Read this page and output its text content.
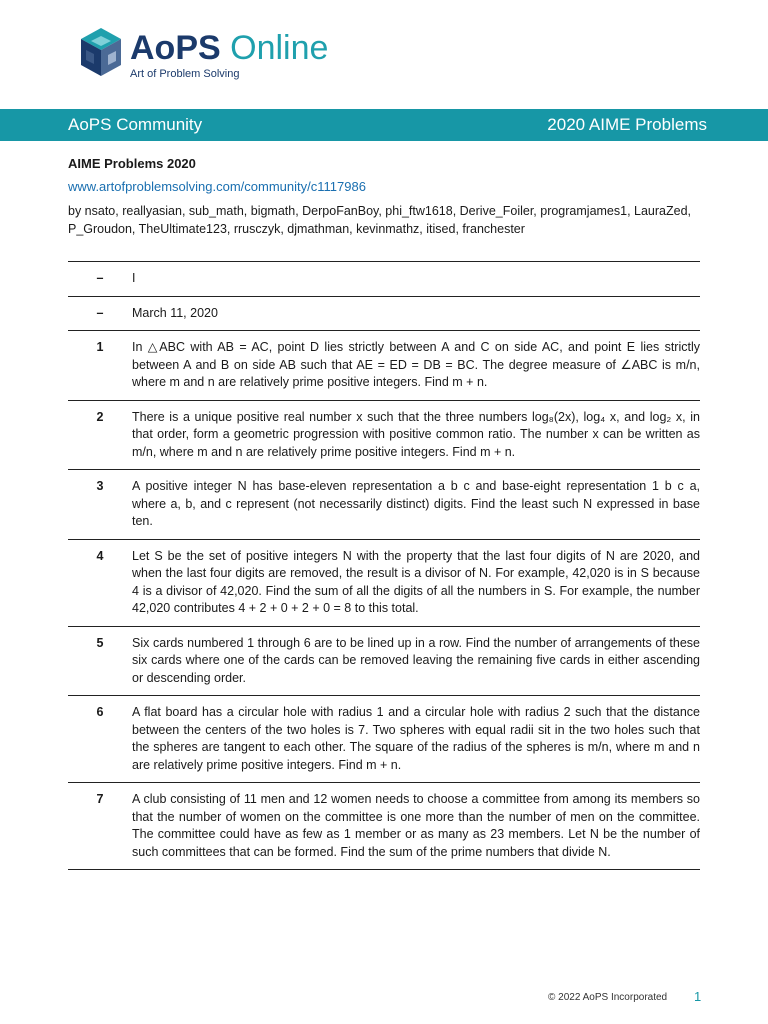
AoPS Online
Art of Problem Solving
AoPS Community	2020 AIME Problems
AIME Problems 2020
www.artofproblemsolving.com/community/c1117986
by nsato, reallyasian, sub_math, bigmath, DerpoFanBoy, phi_ftw1618, Derive_Foiler, programjames1, LauraZed, P_Groudon, TheUltimate123, rrusczyk, djmathman, kevinmathz, itised, franchester
–	I
–	March 11, 2020
1	In △ABC with AB = AC, point D lies strictly between A and C on side AC, and point E lies strictly between A and B on side AB such that AE = ED = DB = BC. The degree measure of ∠ABC is m/n, where m and n are relatively prime positive integers. Find m + n.
2	There is a unique positive real number x such that the three numbers log₈(2x), log₄ x, and log₂ x, in that order, form a geometric progression with positive common ratio. The number x can be written as m/n, where m and n are relatively prime positive integers. Find m + n.
3	A positive integer N has base-eleven representation a b c and base-eight representation 1 b c a, where a, b, and c represent (not necessarily distinct) digits. Find the least such N expressed in base ten.
4	Let S be the set of positive integers N with the property that the last four digits of N are 2020, and when the last four digits are removed, the result is a divisor of N. For example, 42,020 is in S because 4 is a divisor of 42,020. Find the sum of all the digits of all the numbers in S. For example, the number 42,020 contributes 4 + 2 + 0 + 2 + 0 = 8 to this total.
5	Six cards numbered 1 through 6 are to be lined up in a row. Find the number of arrangements of these six cards where one of the cards can be removed leaving the remaining five cards in either ascending or descending order.
6	A flat board has a circular hole with radius 1 and a circular hole with radius 2 such that the distance between the centers of the two holes is 7. Two spheres with equal radii sit in the two holes such that the spheres are tangent to each other. The square of the radius of the spheres is m/n, where m and n are relatively prime positive integers. Find m + n.
7	A club consisting of 11 men and 12 women needs to choose a committee from among its members so that the number of women on the committee is one more than the number of men on the committee. The committee could have as few as 1 member or as many as 23 members. Let N be the number of such committees that can be formed. Find the sum of the prime numbers that divide N.
© 2022 AoPS Incorporated 1
